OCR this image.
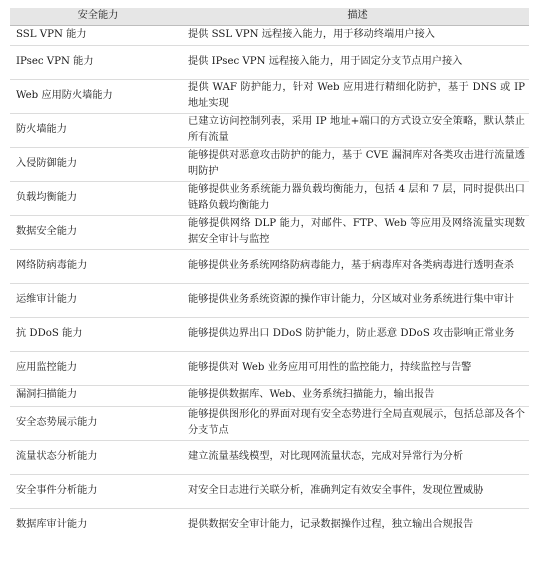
安全能力	描述
SSL VPN 能力	提供 SSL VPN 远程接入能力，用于移动终端用户接入
IPsec VPN 能力	提供 IPsec VPN 远程接入能力，用于固定分支节点用户接入
Web 应用防火墙能力	提供 WAF 防护能力，针对 Web 应用进行精细化防护，基于 DNS 或 IP 地址实现
防火墙能力	已建立访问控制列表，采用 IP 地址+端口的方式设立安全策略，默认禁止所有流量
入侵防御能力	能够提供对恶意攻击防护的能力，基于 CVE 漏洞库对各类攻击进行流量透明防护
负载均衡能力	能够提供业务系统能力器负载均衡能力，包括 4 层和 7 层，同时提供出口链路负载均衡能力
数据安全能力	能够提供网络 DLP 能力，对邮件、FTP、Web 等应用及网络流量实现数据安全审计与监控
网络防病毒能力	能够提供业务系统网络防病毒能力，基于病毒库对各类病毒进行透明查杀
运维审计能力	能够提供业务系统资源的操作审计能力，分区域对业务系统进行集中审计
抗 DDoS 能力	能够提供边界出口 DDoS 防护能力，防止恶意 DDoS 攻击影响正常业务
应用监控能力	能够提供对 Web 业务应用可用性的监控能力，持续监控与告警
漏洞扫描能力	能够提供数据库、Web、业务系统扫描能力，输出报告
安全态势展示能力	能够提供图形化的界面对现有安全态势进行全局直观展示，包括总部及各个分支节点
流量状态分析能力	建立流量基线模型，对比现网流量状态，完成对异常行为分析
安全事件分析能力	对安全日志进行关联分析，准确判定有效安全事件，发现位置威胁
数据库审计能力	提供数据安全审计能力，记录数据操作过程，独立输出合规报告
